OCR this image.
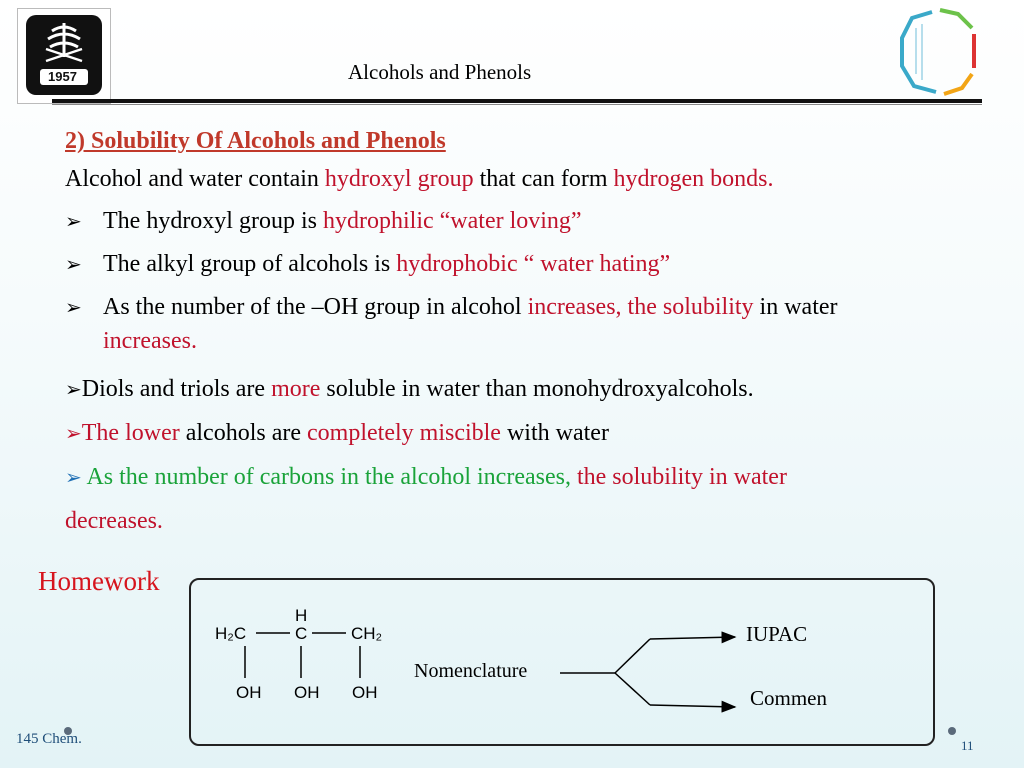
1957	Alcohols and Phenols
2) Solubility Of Alcohols and Phenols
Alcohol and water contain hydroxyl group that can form hydrogen bonds.
➢ The hydroxyl group is hydrophilic “water loving”
➢ The alkyl group of alcohols is hydrophobic “ water hating”
➢ As the number of the –OH group in alcohol increases, the solubility in water
increases.
➢Diols and triols are more soluble in water than monohydroxyalcohols.
➢The lower alcohols are completely miscible with water
➢ As the number of carbons in the alcohol increases, the solubility in water
decreases.
Homework
H
H₂C	C	CH₂
OH OH OH
Nomenclature
IUPAC
Commen
145 Chem.	11
